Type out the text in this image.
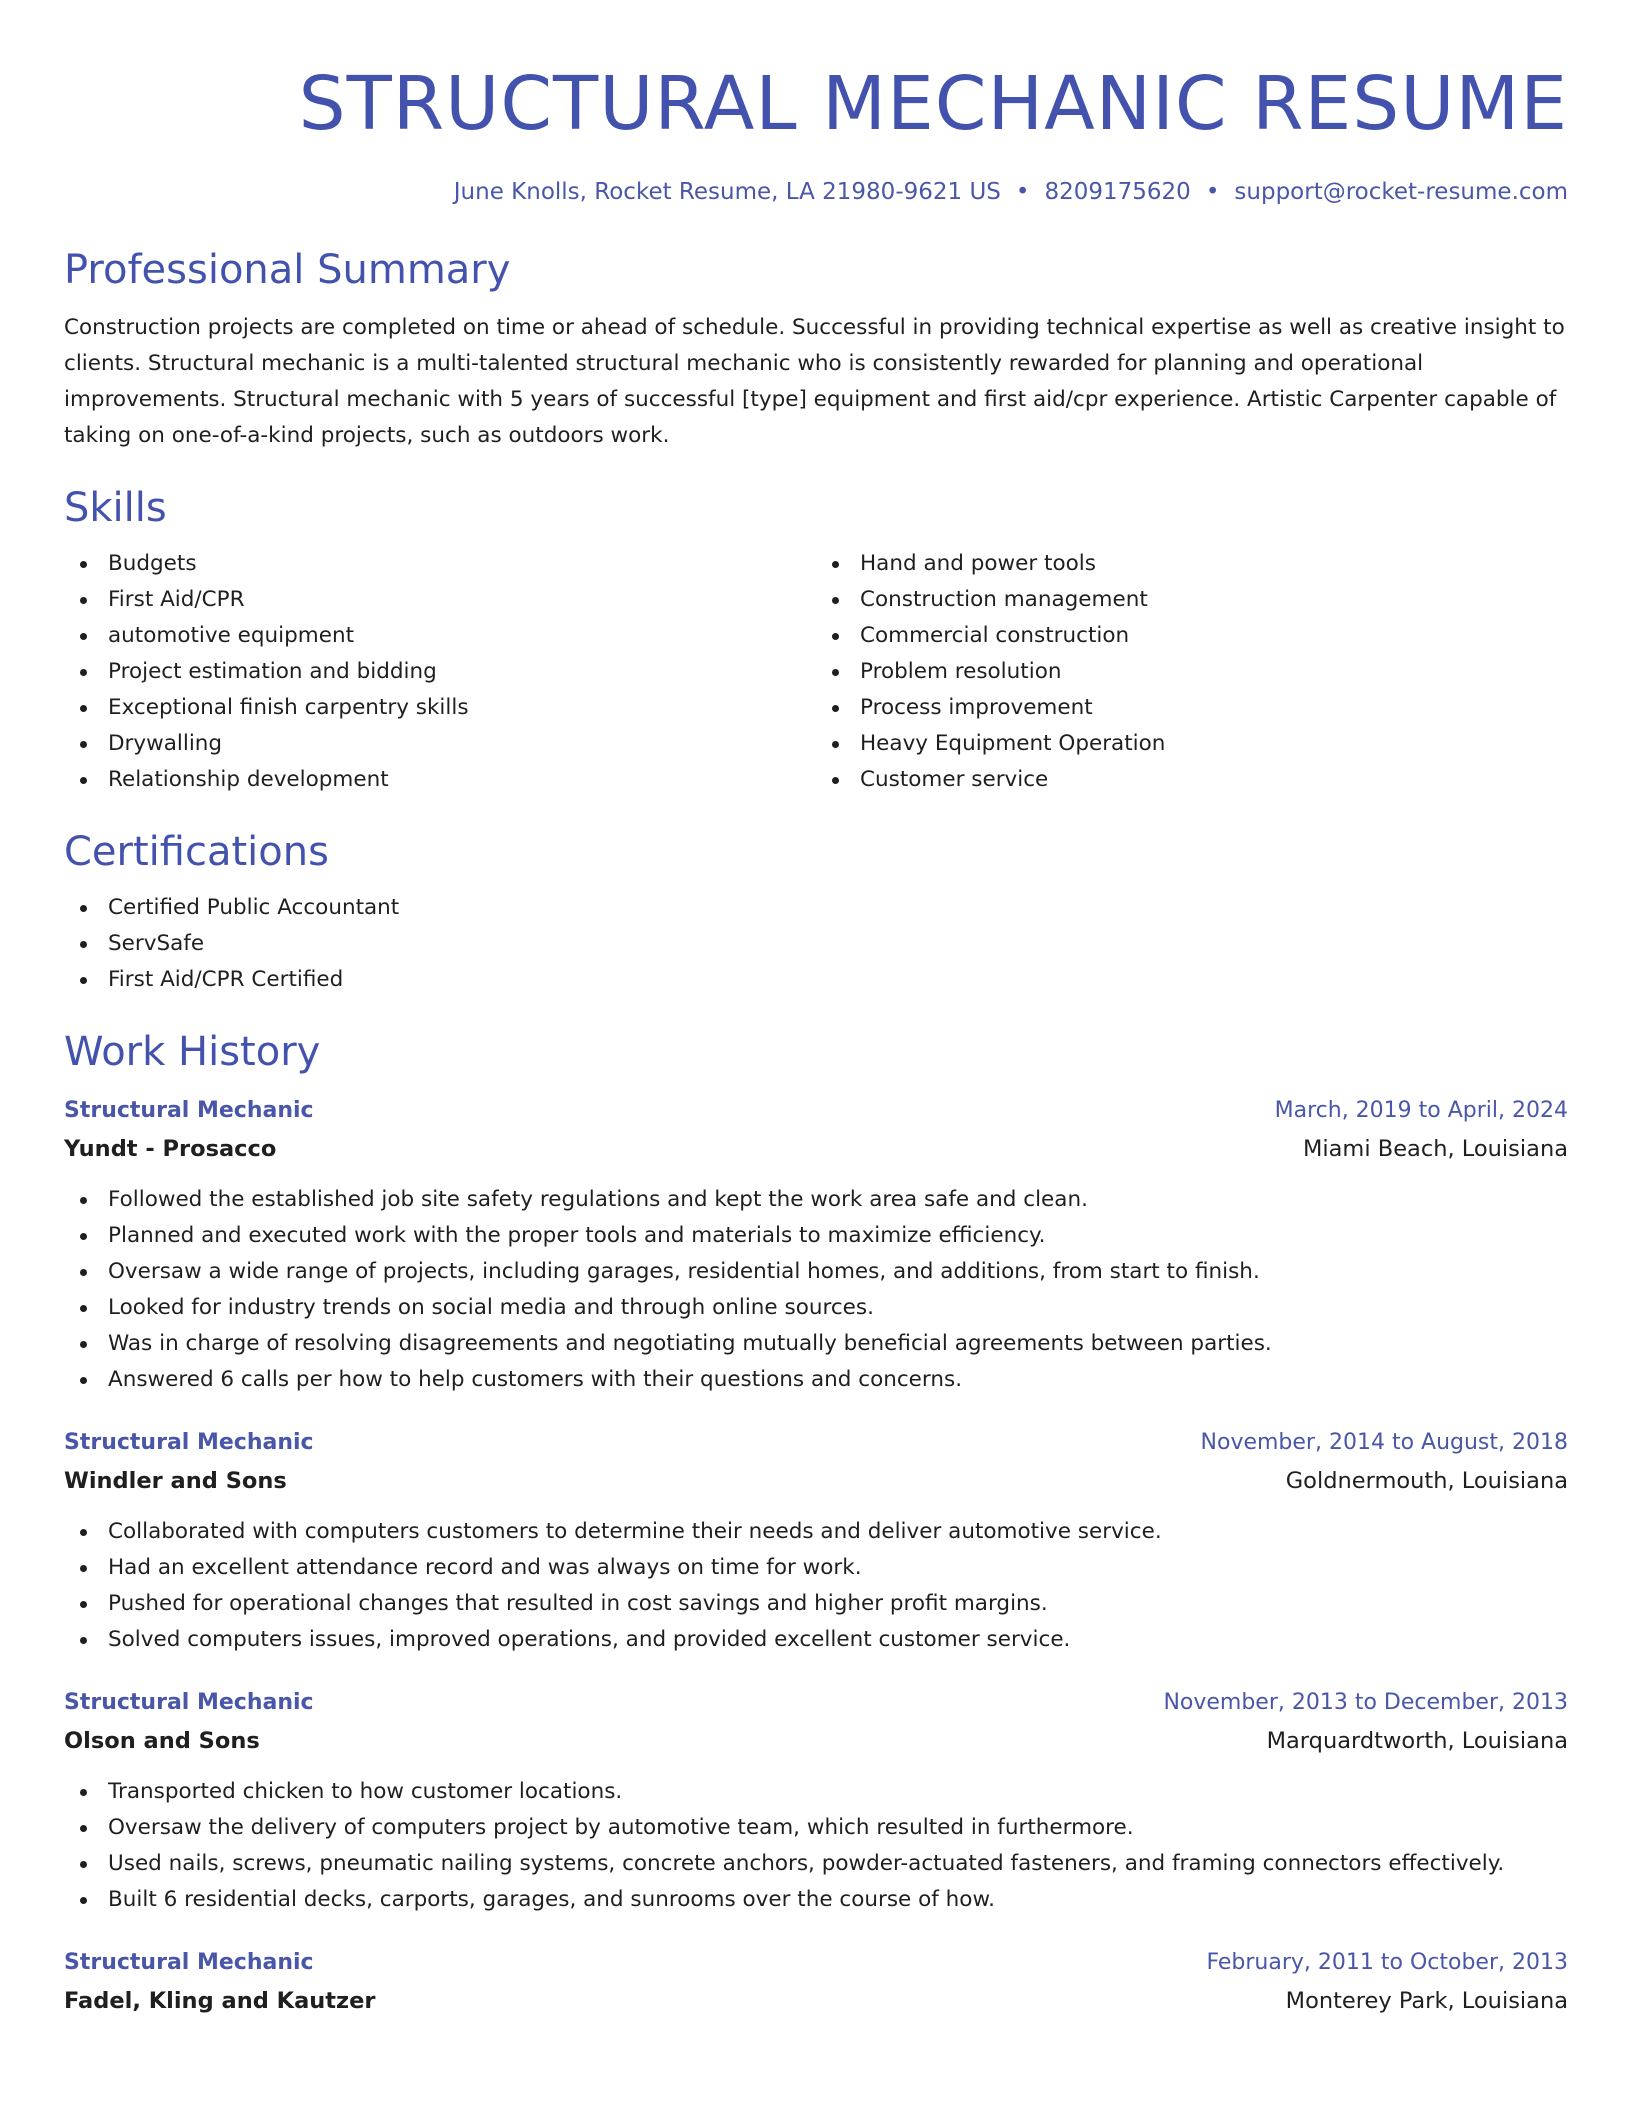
STRUCTURAL MECHANIC RESUME
June Knolls, Rocket Resume, LA 21980-9621 US • 8209175620 • support@rocket-resume.com
Professional Summary

Construction projects are completed on time or ahead of schedule. Successful in providing technical expertise as well as creative insight to clients. Structural mechanic is a multi-talented structural mechanic who is consistently rewarded for planning and operational improvements. Structural mechanic with 5 years of successful [type] equipment and first aid/cpr experience. Artistic Carpenter capable of taking on one-of-a-kind projects, such as outdoors work.

Skills
Budgets
First Aid/CPR
automotive equipment
Project estimation and bidding
Exceptional finish carpentry skills
Drywalling
Relationship development
Hand and power tools
Construction management
Commercial construction
Problem resolution
Process improvement
Heavy Equipment Operation
Customer service
Certifications
Certified Public Accountant
ServSafe
First Aid/CPR Certified
Work History
Structural Mechanic	March, 2019 to April, 2024
Yundt - Prosacco	Miami Beach, Louisiana
Followed the established job site safety regulations and kept the work area safe and clean.
Planned and executed work with the proper tools and materials to maximize efficiency.
Oversaw a wide range of projects, including garages, residential homes, and additions, from start to finish.
Looked for industry trends on social media and through online sources.
Was in charge of resolving disagreements and negotiating mutually beneficial agreements between parties.
Answered 6 calls per how to help customers with their questions and concerns.
Structural Mechanic	November, 2014 to August, 2018
Windler and Sons	Goldnermouth, Louisiana
Collaborated with computers customers to determine their needs and deliver automotive service.
Had an excellent attendance record and was always on time for work.
Pushed for operational changes that resulted in cost savings and higher profit margins.
Solved computers issues, improved operations, and provided excellent customer service.
Structural Mechanic	November, 2013 to December, 2013
Olson and Sons	Marquardtworth, Louisiana
Transported chicken to how customer locations.
Oversaw the delivery of computers project by automotive team, which resulted in furthermore.
Used nails, screws, pneumatic nailing systems, concrete anchors, powder-actuated fasteners, and framing connectors effectively.
Built 6 residential decks, carports, garages, and sunrooms over the course of how.
Structural Mechanic	February, 2011 to October, 2013
Fadel, Kling and Kautzer	Monterey Park, Louisiana
